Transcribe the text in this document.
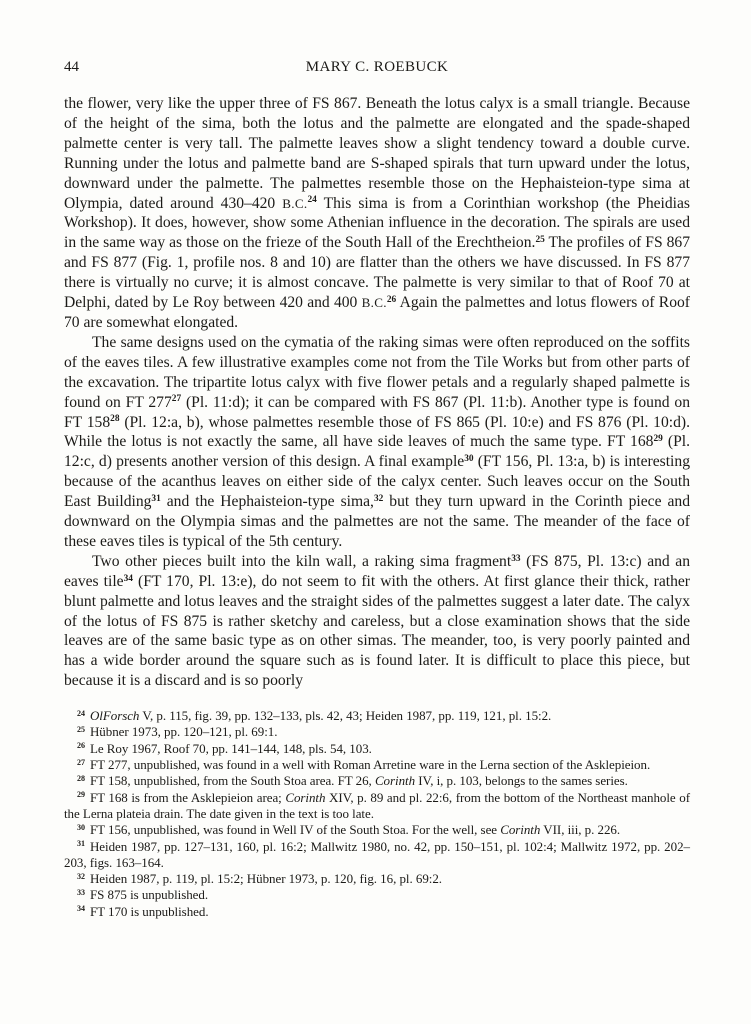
44	MARY C. ROEBUCK

the flower, very like the upper three of FS 867. Beneath the lotus calyx is a small triangle. Because of the height of the sima, both the lotus and the palmette are elongated and the spade-shaped palmette center is very tall. The palmette leaves show a slight tendency toward a double curve. Running under the lotus and palmette band are S-shaped spirals that turn upward under the lotus, downward under the palmette. The palmettes resemble those on the Hephaisteion-type sima at Olympia, dated around 430–420 B.C.$^{24}$ This sima is from a Corinthian workshop (the Pheidias Workshop). It does, however, show some Athenian influence in the decoration. The spirals are used in the same way as those on the frieze of the South Hall of the Erechtheion.$^{25}$ The profiles of FS 867 and FS 877 (Fig. 1, profile nos. 8 and 10) are flatter than the others we have discussed. In FS 877 there is virtually no curve; it is almost concave. The palmette is very similar to that of Roof 70 at Delphi, dated by Le Roy between 420 and 400 B.C.$^{26}$ Again the palmettes and lotus flowers of Roof 70 are somewhat elongated.

The same designs used on the cymatia of the raking simas were often reproduced on the soffits of the eaves tiles. A few illustrative examples come not from the Tile Works but from other parts of the excavation. The tripartite lotus calyx with five flower petals and a regularly shaped palmette is found on FT 277$^{27}$ (Pl. 11:d); it can be compared with FS 867 (Pl. 11:b). Another type is found on FT 158$^{28}$ (Pl. 12:a, b), whose palmettes resemble those of FS 865 (Pl. 10:e) and FS 876 (Pl. 10:d). While the lotus is not exactly the same, all have side leaves of much the same type. FT 168$^{29}$ (Pl. 12:c, d) presents another version of this design. A final example$^{30}$ (FT 156, Pl. 13:a, b) is interesting because of the acanthus leaves on either side of the calyx center. Such leaves occur on the South East Building$^{31}$ and the Hephaisteion-type sima,$^{32}$ but they turn upward in the Corinth piece and downward on the Olympia simas and the palmettes are not the same. The meander of the face of these eaves tiles is typical of the 5th century.

Two other pieces built into the kiln wall, a raking sima fragment$^{33}$ (FS 875, Pl. 13:c) and an eaves tile$^{34}$ (FT 170, Pl. 13:e), do not seem to fit with the others. At first glance their thick, rather blunt palmette and lotus leaves and the straight sides of the palmettes suggest a later date. The calyx of the lotus of FS 875 is rather sketchy and careless, but a close examination shows that the side leaves are of the same basic type as on other simas. The meander, too, is very poorly painted and has a wide border around the square such as is found later. It is difficult to place this piece, but because it is a discard and is so poorly

$^{24}$ OlForsch V, p. 115, fig. 39, pp. 132–133, pls. 42, 43; Heiden 1987, pp. 119, 121, pl. 15:2.

$^{25}$ Hübner 1973, pp. 120–121, pl. 69:1.

$^{26}$ Le Roy 1967, Roof 70, pp. 141–144, 148, pls. 54, 103.

$^{27}$ FT 277, unpublished, was found in a well with Roman Arretine ware in the Lerna section of the Asklepieion.

$^{28}$ FT 158, unpublished, from the South Stoa area. FT 26, Corinth IV, i, p. 103, belongs to the sames series.

$^{29}$ FT 168 is from the Asklepieion area; Corinth XIV, p. 89 and pl. 22:6, from the bottom of the Northeast manhole of the Lerna plateia drain. The date given in the text is too late.

$^{30}$ FT 156, unpublished, was found in Well IV of the South Stoa. For the well, see Corinth VII, iii, p. 226.

$^{31}$ Heiden 1987, pp. 127–131, 160, pl. 16:2; Mallwitz 1980, no. 42, pp. 150–151, pl. 102:4; Mallwitz 1972, pp. 202–203, figs. 163–164.

$^{32}$ Heiden 1987, p. 119, pl. 15:2; Hübner 1973, p. 120, fig. 16, pl. 69:2.

$^{33}$ FS 875 is unpublished.

$^{34}$ FT 170 is unpublished.
